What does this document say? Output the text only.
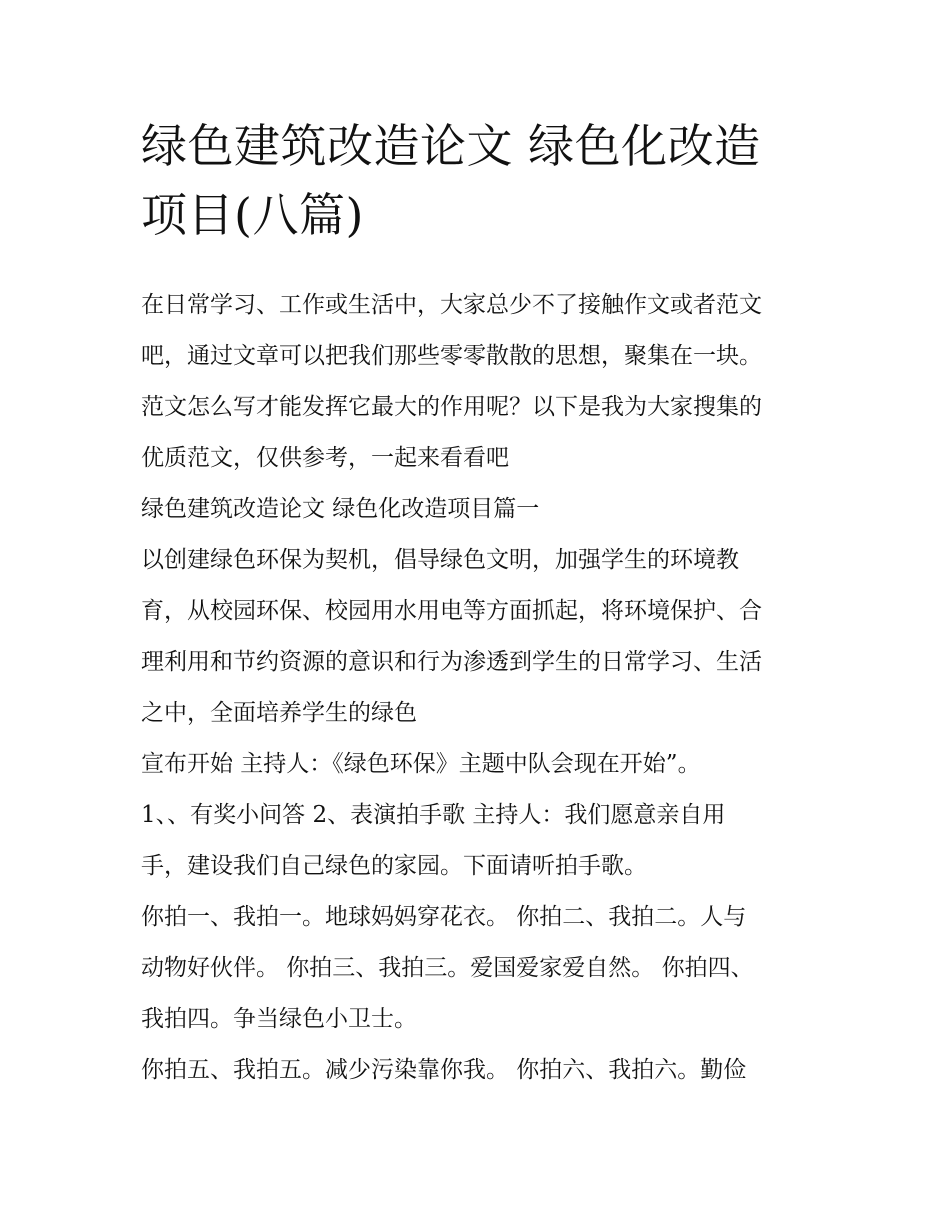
绿色建筑改造论文 绿色化改造
项目(八篇)
在日常学习、工作或生活中，大家总少不了接触作文或者范文
吧，通过文章可以把我们那些零零散散的思想，聚集在一块。
范文怎么写才能发挥它最大的作用呢？以下是我为大家搜集的
优质范文，仅供参考，一起来看看吧
绿色建筑改造论文 绿色化改造项目篇一
以创建绿色环保为契机，倡导绿色文明，加强学生的环境教
育，从校园环保、校园用水用电等方面抓起，将环境保护、合
理利用和节约资源的意识和行为渗透到学生的日常学习、生活
之中，全面培养学生的绿色
宣布开始 主持人：《绿色环保》主题中队会现在开始”。
1、、有奖小问答 2、表演拍手歌 主持人：我们愿意亲自用
手，建设我们自己绿色的家园。下面请听拍手歌。
你拍一、我拍一。地球妈妈穿花衣。 你拍二、我拍二。人与
动物好伙伴。 你拍三、我拍三。爱国爱家爱自然。 你拍四、
我拍四。争当绿色小卫士。
你拍五、我拍五。减少污染靠你我。 你拍六、我拍六。勤俭
